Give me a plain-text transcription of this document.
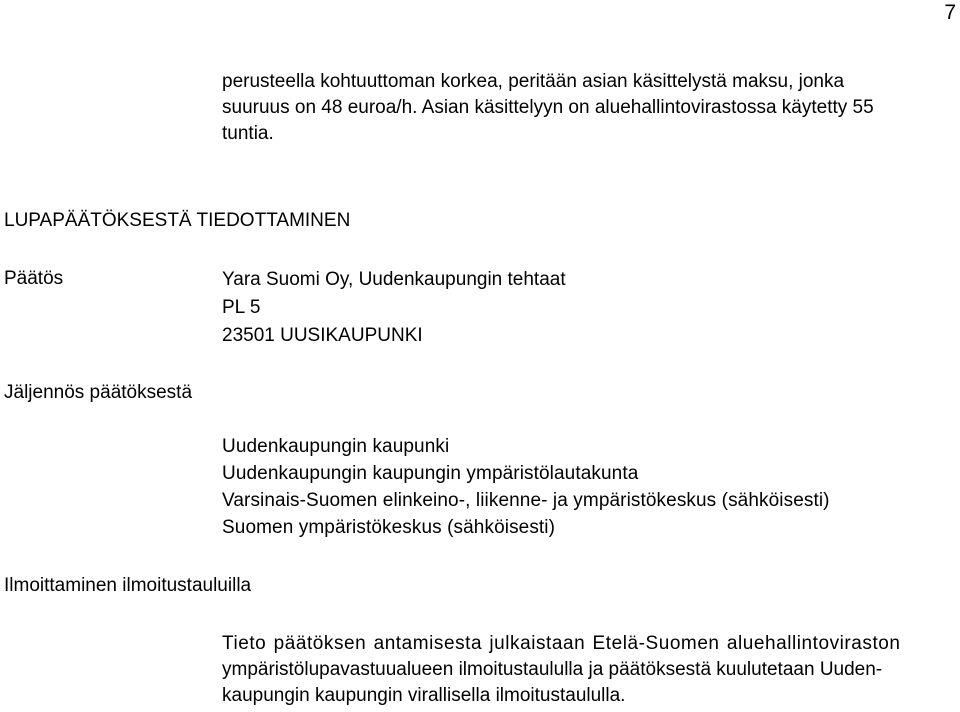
7
perusteella kohtuuttoman korkea, peritään asian käsittelystä maksu, jonka
suuruus on 48 euroa/h. Asian käsittelyyn on aluehallintovirastossa käytetty 55
tuntia.
LUPAPÄÄTÖKSESTÄ TIEDOTTAMINEN
Päätös	Yara Suomi Oy, Uudenkaupungin tehtaat
PL 5
23501 UUSIKAUPUNKI
Jäljennös päätöksestä
Uudenkaupungin kaupunki
Uudenkaupungin kaupungin ympäristölautakunta
Varsinais-Suomen elinkeino-, liikenne- ja ympäristökeskus (sähköisesti)
Suomen ympäristökeskus (sähköisesti)
Ilmoittaminen ilmoitustauluilla
Tieto päätöksen antamisesta julkaistaan Etelä-Suomen aluehallintoviraston
ympäristölupavastuualueen ilmoitustaululla ja päätöksestä kuulutetaan Uuden-
kaupungin kaupungin virallisella ilmoitustaululla.
